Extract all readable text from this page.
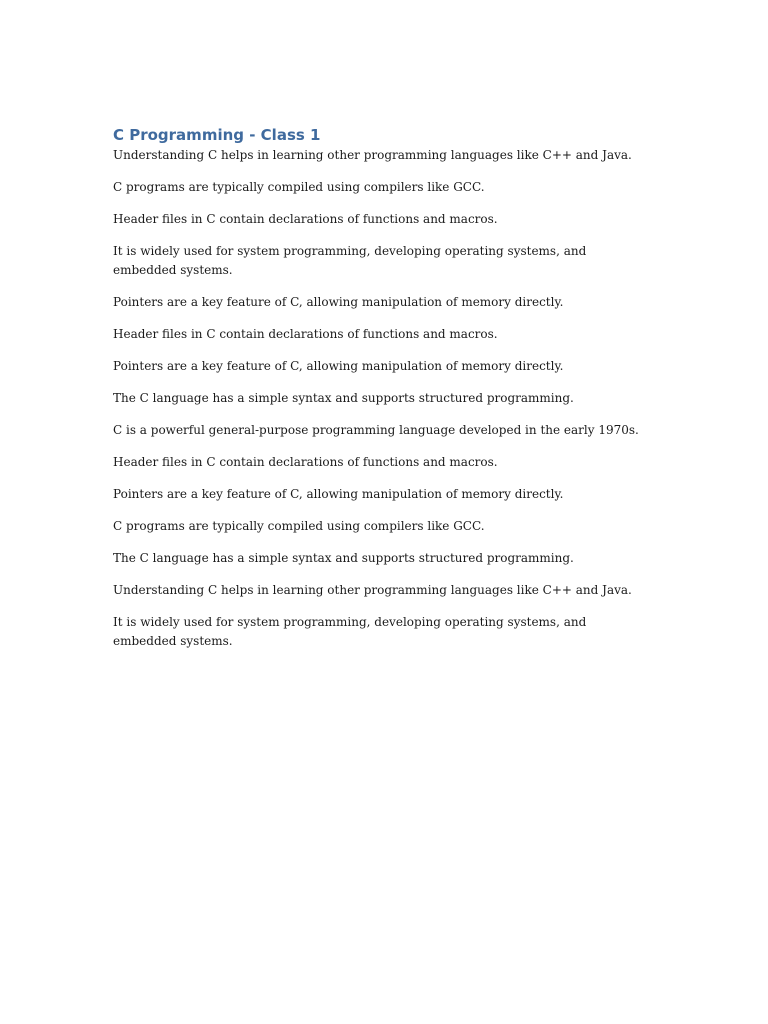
C Programming - Class 1

Understanding C helps in learning other programming languages like C++ and Java.

C programs are typically compiled using compilers like GCC.

Header files in C contain declarations of functions and macros.

It is widely used for system programming, developing operating systems, and embedded systems.

Pointers are a key feature of C, allowing manipulation of memory directly.

Header files in C contain declarations of functions and macros.

Pointers are a key feature of C, allowing manipulation of memory directly.

The C language has a simple syntax and supports structured programming.

C is a powerful general-purpose programming language developed in the early 1970s.

Header files in C contain declarations of functions and macros.

Pointers are a key feature of C, allowing manipulation of memory directly.

C programs are typically compiled using compilers like GCC.

The C language has a simple syntax and supports structured programming.

Understanding C helps in learning other programming languages like C++ and Java.

It is widely used for system programming, developing operating systems, and embedded systems.
